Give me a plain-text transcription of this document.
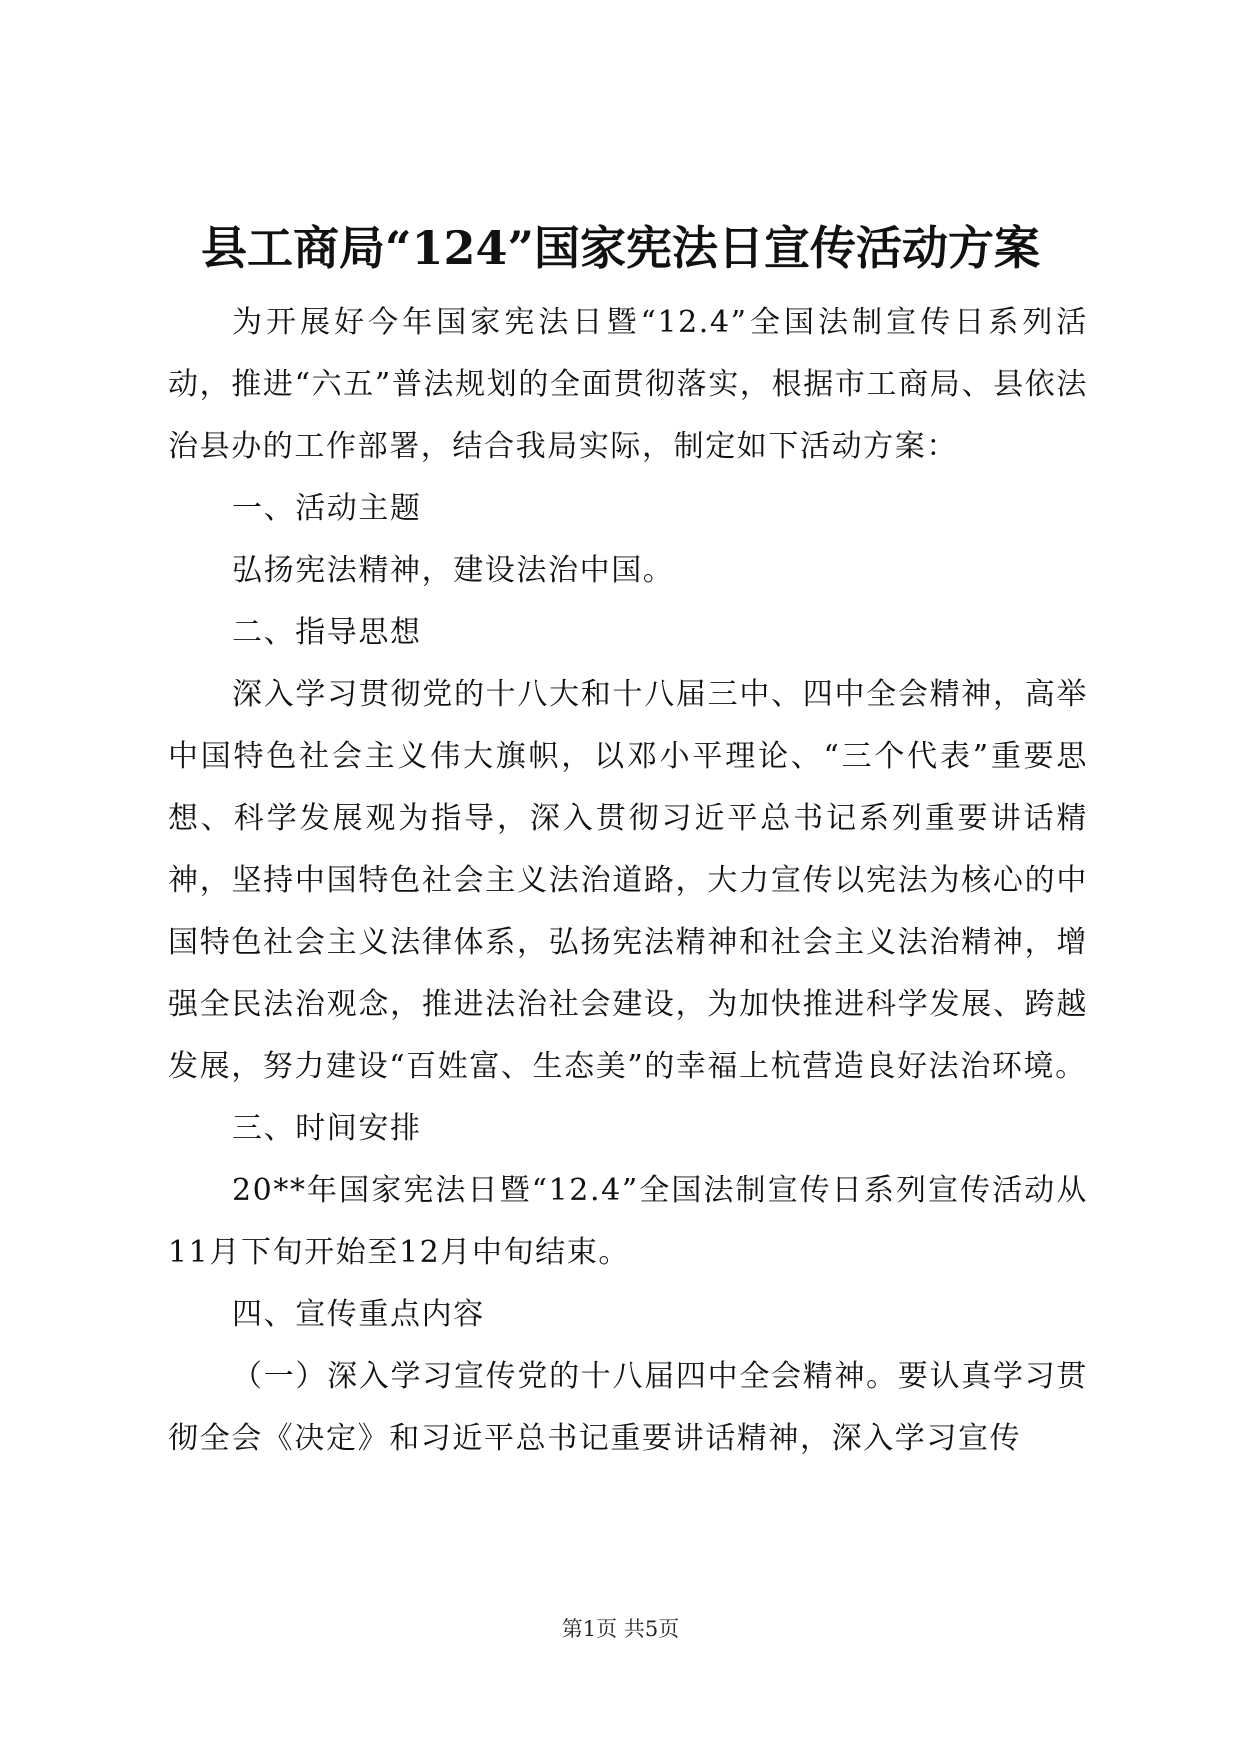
县工商局“124”国家宪法日宣传活动方案

为开展好今年国家宪法日暨“12.4”全国法制宣传日系列活动，推进“六五”普法规划的全面贯彻落实，根据市工商局、县依法治县办的工作部署，结合我局实际，制定如下活动方案：

一、活动主题

弘扬宪法精神，建设法治中国。

二、指导思想

深入学习贯彻党的十八大和十八届三中、四中全会精神，高举中国特色社会主义伟大旗帜，以邓小平理论、“三个代表”重要思想、科学发展观为指导，深入贯彻习近平总书记系列重要讲话精神，坚持中国特色社会主义法治道路，大力宣传以宪法为核心的中国特色社会主义法律体系，弘扬宪法精神和社会主义法治精神，增强全民法治观念，推进法治社会建设，为加快推进科学发展、跨越发展，努力建设“百姓富、生态美”的幸福上杭营造良好法治环境。

三、时间安排

20**年国家宪法日暨“12.4”全国法制宣传日系列宣传活动从11月下旬开始至12月中旬结束。

四、宣传重点内容

（一）深入学习宣传党的十八届四中全会精神。要认真学习贯彻全会《决定》和习近平总书记重要讲话精神，深入学习宣传

第1页 共5页
